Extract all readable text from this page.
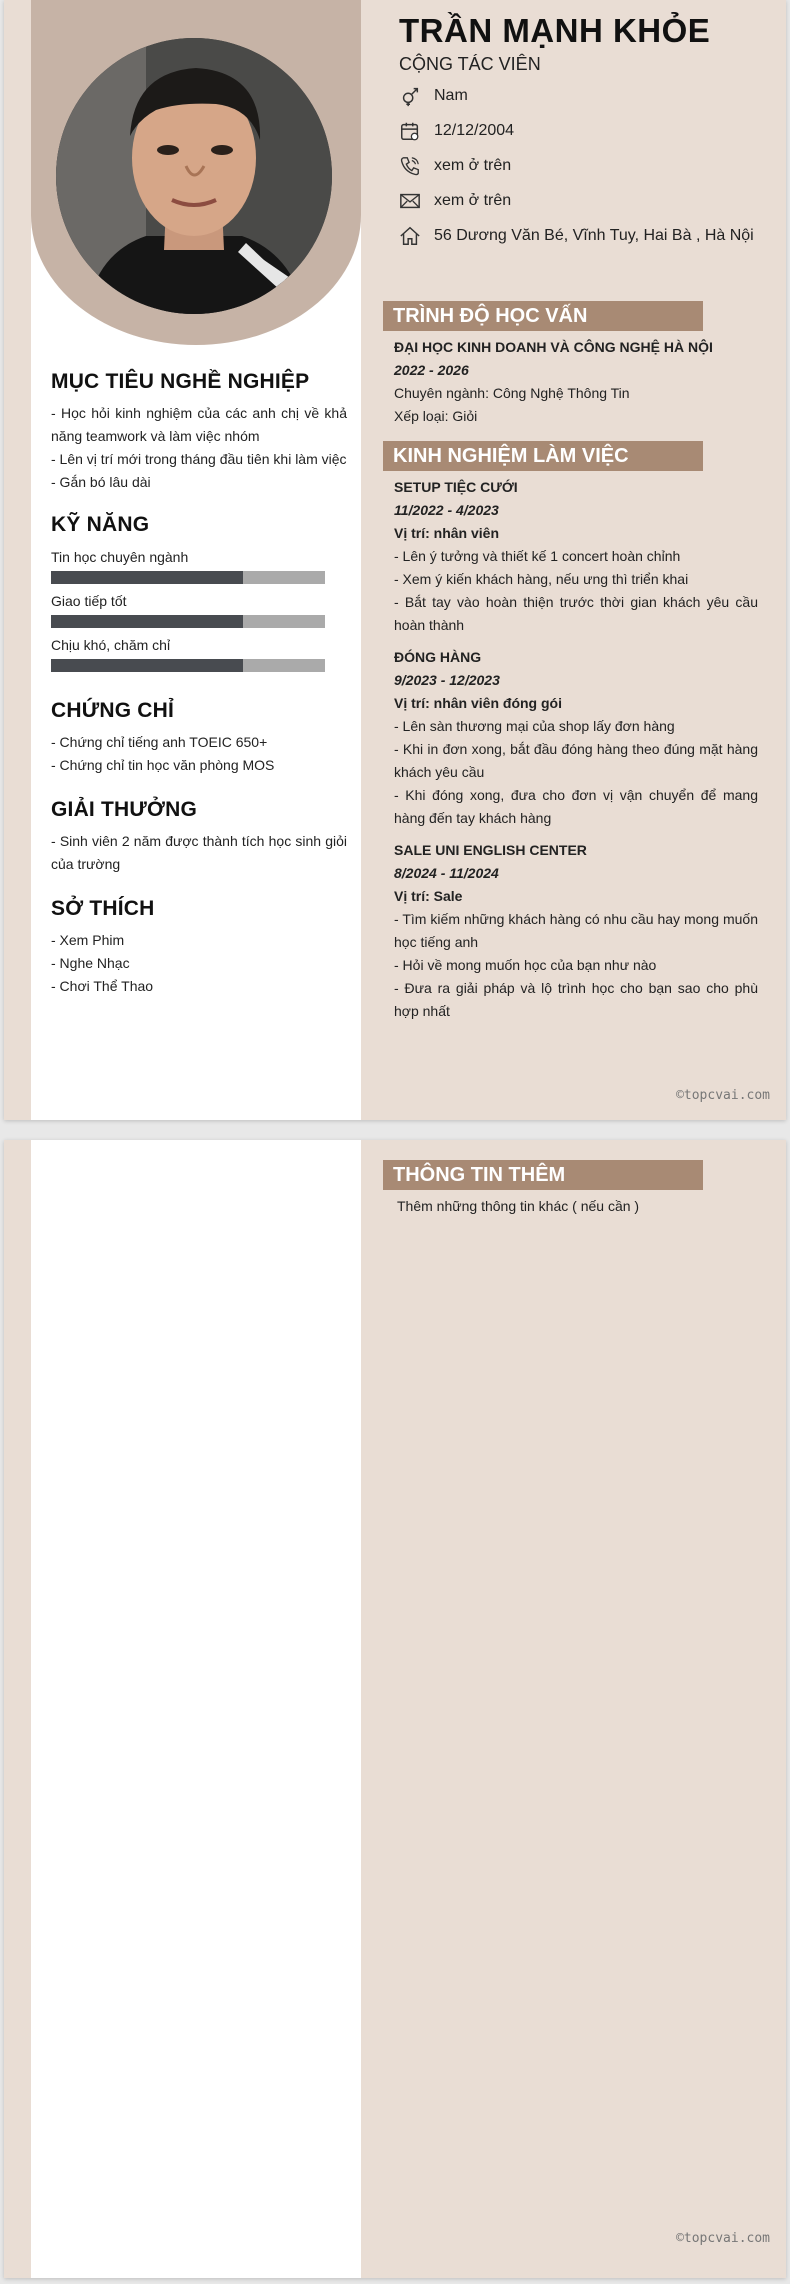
MỤC TIÊU NGHỀ NGHIỆP
- Học hỏi kinh nghiệm của các anh chị về khả năng teamwork và làm việc nhóm
- Lên vị trí mới trong tháng đầu tiên khi làm việc
- Gắn bó lâu dài
KỸ NĂNG
Tin học chuyên ngành
Giao tiếp tốt
Chịu khó, chăm chỉ
CHỨNG CHỈ
- Chứng chỉ tiếng anh TOEIC 650+
- Chứng chỉ tin học văn phòng MOS
GIẢI THƯỞNG
- Sinh viên 2 năm được thành tích học sinh giỏi của trường
SỞ THÍCH
- Xem Phim
- Nghe Nhạc
- Chơi Thể Thao
TRẦN MẠNH KHỎE
CỘNG TÁC VIÊN
Nam
12/12/2004
xem ở trên
xem ở trên
56 Dương Văn Bé, Vĩnh Tuy, Hai Bà , Hà Nội
TRÌNH ĐỘ HỌC VẤN
ĐẠI HỌC KINH DOANH VÀ CÔNG NGHỆ HÀ NỘI
2022 - 2026
Chuyên ngành: Công Nghệ Thông Tin
Xếp loại: Giỏi
KINH NGHIỆM LÀM VIỆC
SETUP TIỆC CƯỚI
11/2022 - 4/2023
Vị trí: nhân viên
- Lên ý tưởng và thiết kế 1 concert hoàn chỉnh
- Xem ý kiến khách hàng, nếu ưng thì triển khai
- Bắt tay vào hoàn thiện trước thời gian khách yêu cầu hoàn thành
ĐÓNG HÀNG
9/2023 - 12/2023
Vị trí: nhân viên đóng gói
- Lên sàn thương mại của shop lấy đơn hàng
- Khi in đơn xong, bắt đầu đóng hàng theo đúng mặt hàng khách yêu cầu
- Khi đóng xong, đưa cho đơn vị vận chuyển để mang hàng đến tay khách hàng
SALE UNI ENGLISH CENTER
8/2024 - 11/2024
Vị trí: Sale
- Tìm kiếm những khách hàng có nhu cầu hay mong muốn học tiếng anh
- Hỏi về mong muốn học của bạn như nào
- Đưa ra giải pháp và lộ trình học cho bạn sao cho phù hợp nhất
©topcvai.com
THÔNG TIN THÊM
Thêm những thông tin khác ( nếu cần )
©topcvai.com
